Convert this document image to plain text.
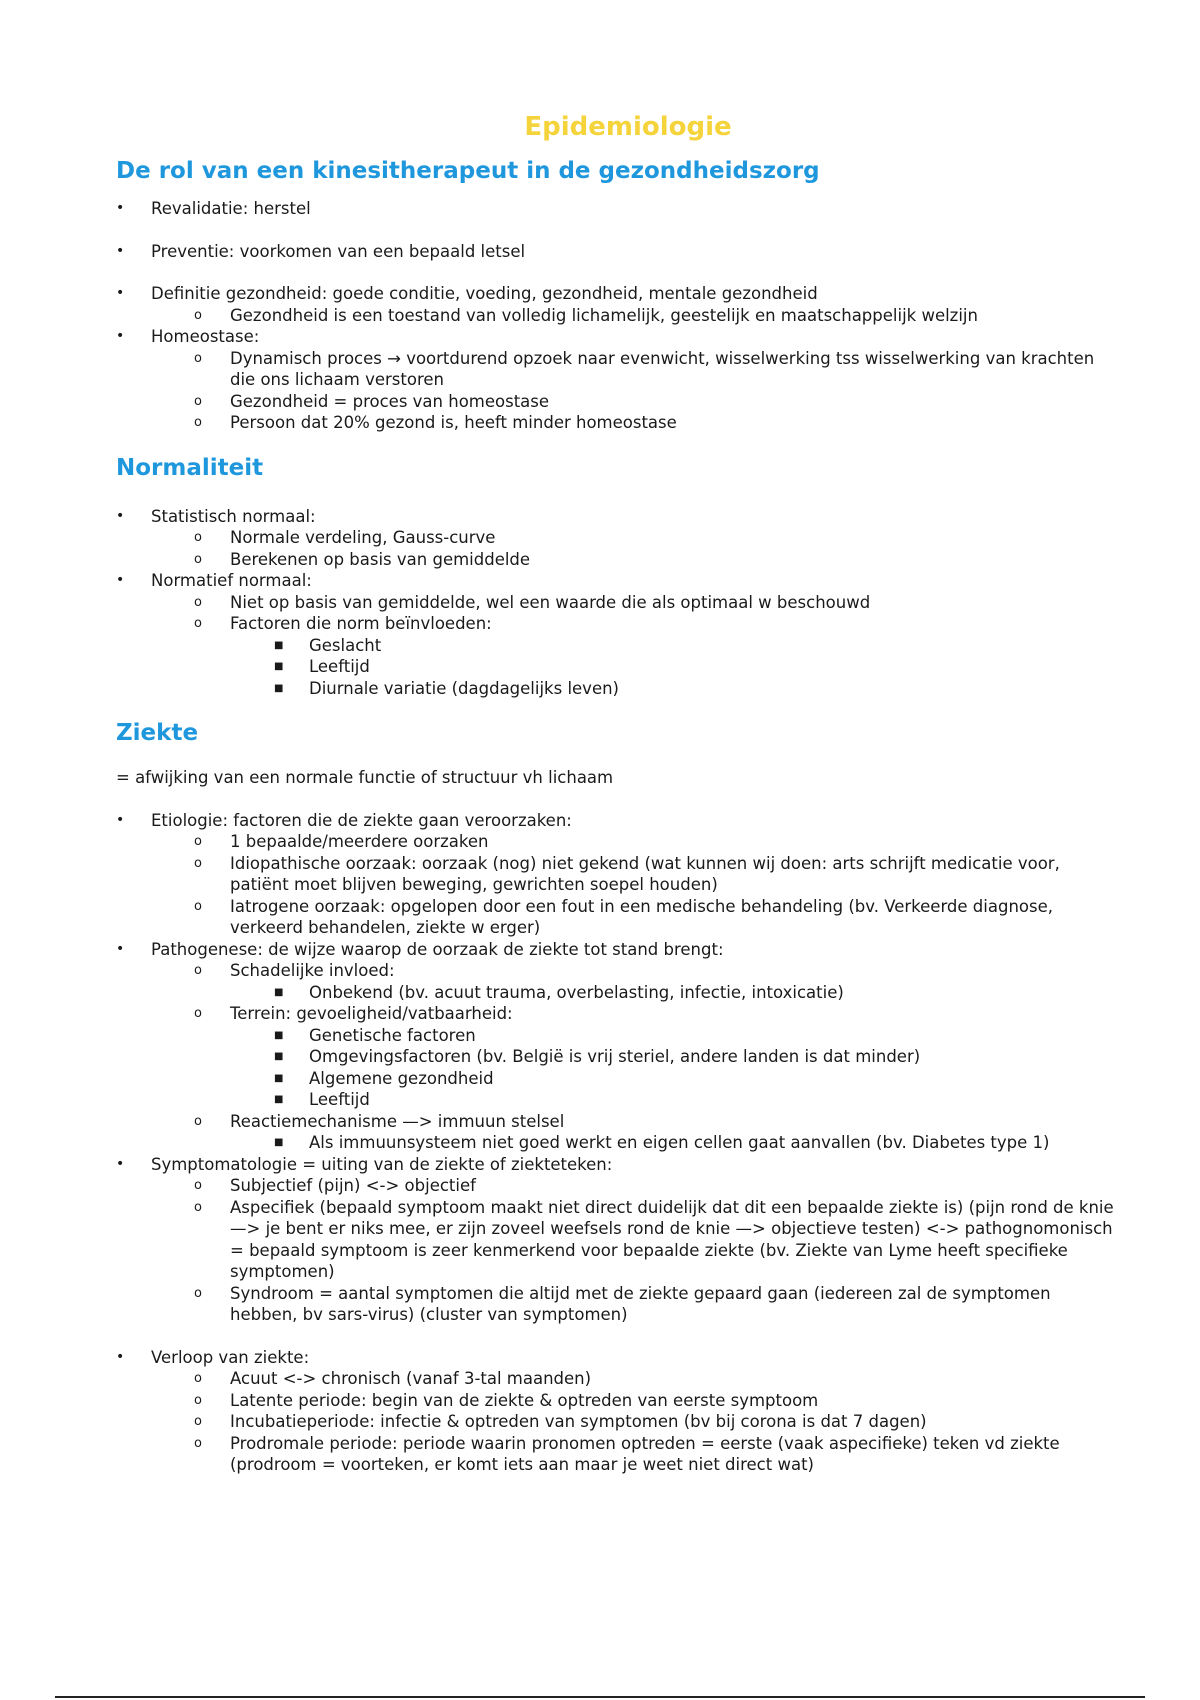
Epidemiologie
De rol van een kinesitherapeut in de gezondheidszorg
• Revalidatie: herstel
• Preventie: voorkomen van een bepaald letsel
• Definitie gezondheid: goede conditie, voeding, gezondheid, mentale gezondheid
o Gezondheid is een toestand van volledig lichamelijk, geestelijk en maatschappelijk welzijn
• Homeostase:
o Dynamisch proces → voortdurend opzoek naar evenwicht, wisselwerking tss wisselwerking van krachten die ons lichaam verstoren
o Gezondheid = proces van homeostase
o Persoon dat 20% gezond is, heeft minder homeostase
Normaliteit
• Statistisch normaal:
o Normale verdeling, Gauss-curve
o Berekenen op basis van gemiddelde
• Normatief normaal:
o Niet op basis van gemiddelde, wel een waarde die als optimaal w beschouwd
o Factoren die norm beïnvloeden:
■ Geslacht
■ Leeftijd
■ Diurnale variatie (dagdagelijks leven)
Ziekte
= afwijking van een normale functie of structuur vh lichaam
• Etiologie: factoren die de ziekte gaan veroorzaken:
o 1 bepaalde/meerdere oorzaken
o Idiopathische oorzaak: oorzaak (nog) niet gekend (wat kunnen wij doen: arts schrijft medicatie voor, patiënt moet blijven beweging, gewrichten soepel houden)
o Iatrogene oorzaak: opgelopen door een fout in een medische behandeling (bv. Verkeerde diagnose, verkeerd behandelen, ziekte w erger)
• Pathogenese: de wijze waarop de oorzaak de ziekte tot stand brengt:
o Schadelijke invloed:
■ Onbekend (bv. acuut trauma, overbelasting, infectie, intoxicatie)
o Terrein: gevoeligheid/vatbaarheid:
■ Genetische factoren
■ Omgevingsfactoren (bv. België is vrij steriel, andere landen is dat minder)
■ Algemene gezondheid
■ Leeftijd
o Reactiemechanisme —> immuun stelsel
■ Als immuunsysteem niet goed werkt en eigen cellen gaat aanvallen (bv. Diabetes type 1)
• Symptomatologie = uiting van de ziekte of ziekteteken:
o Subjectief (pijn) <-> objectief
o Aspecifiek (bepaald symptoom maakt niet direct duidelijk dat dit een bepaalde ziekte is) (pijn rond de knie —> je bent er niks mee, er zijn zoveel weefsels rond de knie —> objectieve testen) <-> pathognomonisch = bepaald symptoom is zeer kenmerkend voor bepaalde ziekte (bv. Ziekte van Lyme heeft specifieke symptomen)
o Syndroom = aantal symptomen die altijd met de ziekte gepaard gaan (iedereen zal de symptomen hebben, bv sars-virus) (cluster van symptomen)
• Verloop van ziekte:
o Acuut <-> chronisch (vanaf 3-tal maanden)
o Latente periode: begin van de ziekte & optreden van eerste symptoom
o Incubatieperiode: infectie & optreden van symptomen (bv bij corona is dat 7 dagen)
o Prodromale periode: periode waarin pronomen optreden = eerste (vaak aspecifieke) teken vd ziekte (prodroom = voorteken, er komt iets aan maar je weet niet direct wat)
